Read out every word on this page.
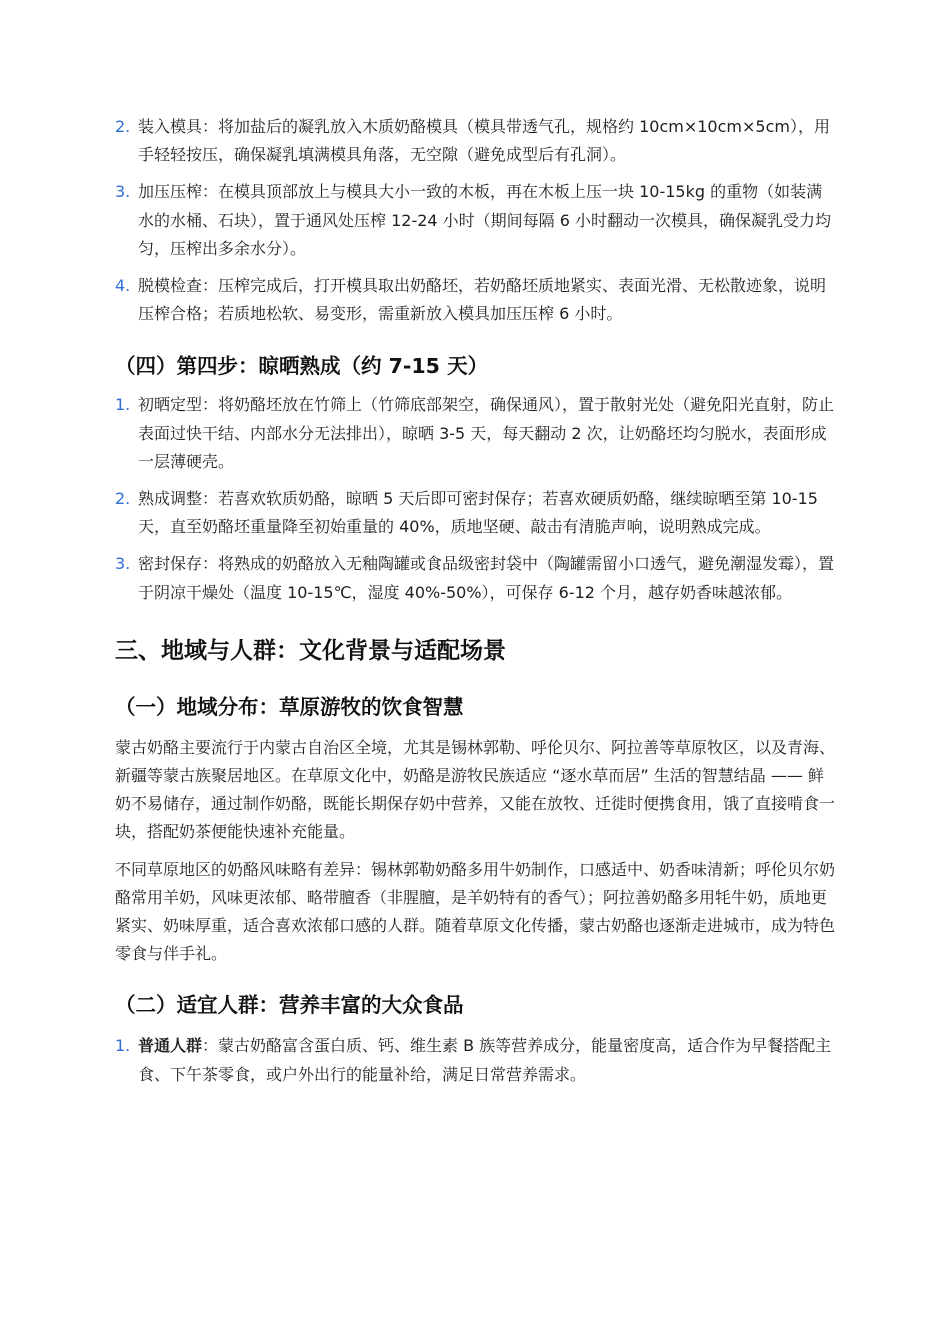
2. 装入模具：将加盐后的凝乳放入木质奶酪模具（模具带透气孔，规格约 10cm×10cm×5cm），用手轻轻按压，确保凝乳填满模具角落，无空隙（避免成型后有孔洞）。
3. 加压压榨：在模具顶部放上与模具大小一致的木板，再在木板上压一块 10-15kg 的重物（如装满水的水桶、石块），置于通风处压榨 12-24 小时（期间每隔 6 小时翻动一次模具，确保凝乳受力均匀，压榨出多余水分）。
4. 脱模检查：压榨完成后，打开模具取出奶酪坯，若奶酪坯质地紧实、表面光滑、无松散迹象，说明压榨合格；若质地松软、易变形，需重新放入模具加压压榨 6 小时。
（四）第四步：晾晒熟成（约 7-15 天）
1. 初晒定型：将奶酪坯放在竹筛上（竹筛底部架空，确保通风），置于散射光处（避免阳光直射，防止表面过快干结、内部水分无法排出），晾晒 3-5 天，每天翻动 2 次，让奶酪坯均匀脱水，表面形成一层薄硬壳。
2. 熟成调整：若喜欢软质奶酪，晾晒 5 天后即可密封保存；若喜欢硬质奶酪，继续晾晒至第 10-15 天，直至奶酪坯重量降至初始重量的 40%，质地坚硬、敲击有清脆声响，说明熟成完成。
3. 密封保存：将熟成的奶酪放入无釉陶罐或食品级密封袋中（陶罐需留小口透气，避免潮湿发霉），置于阴凉干燥处（温度 10-15℃，湿度 40%-50%），可保存 6-12 个月，越存奶香味越浓郁。
三、地域与人群：文化背景与适配场景
（一）地域分布：草原游牧的饮食智慧

蒙古奶酪主要流行于内蒙古自治区全境，尤其是锡林郭勒、呼伦贝尔、阿拉善等草原牧区，以及青海、新疆等蒙古族聚居地区。在草原文化中，奶酪是游牧民族适应 “逐水草而居” 生活的智慧结晶 —— 鲜奶不易储存，通过制作奶酪，既能长期保存奶中营养，又能在放牧、迁徙时便携食用，饿了直接啃食一块，搭配奶茶便能快速补充能量。

不同草原地区的奶酪风味略有差异：锡林郭勒奶酪多用牛奶制作，口感适中、奶香味清新；呼伦贝尔奶酪常用羊奶，风味更浓郁、略带膻香（非腥膻，是羊奶特有的香气）；阿拉善奶酪多用牦牛奶，质地更紧实、奶味厚重，适合喜欢浓郁口感的人群。随着草原文化传播，蒙古奶酪也逐渐走进城市，成为特色零食与伴手礼。

（二）适宜人群：营养丰富的大众食品
1. 普通人群：蒙古奶酪富含蛋白质、钙、维生素 B 族等营养成分，能量密度高，适合作为早餐搭配主食、下午茶零食，或户外出行的能量补给，满足日常营养需求。
